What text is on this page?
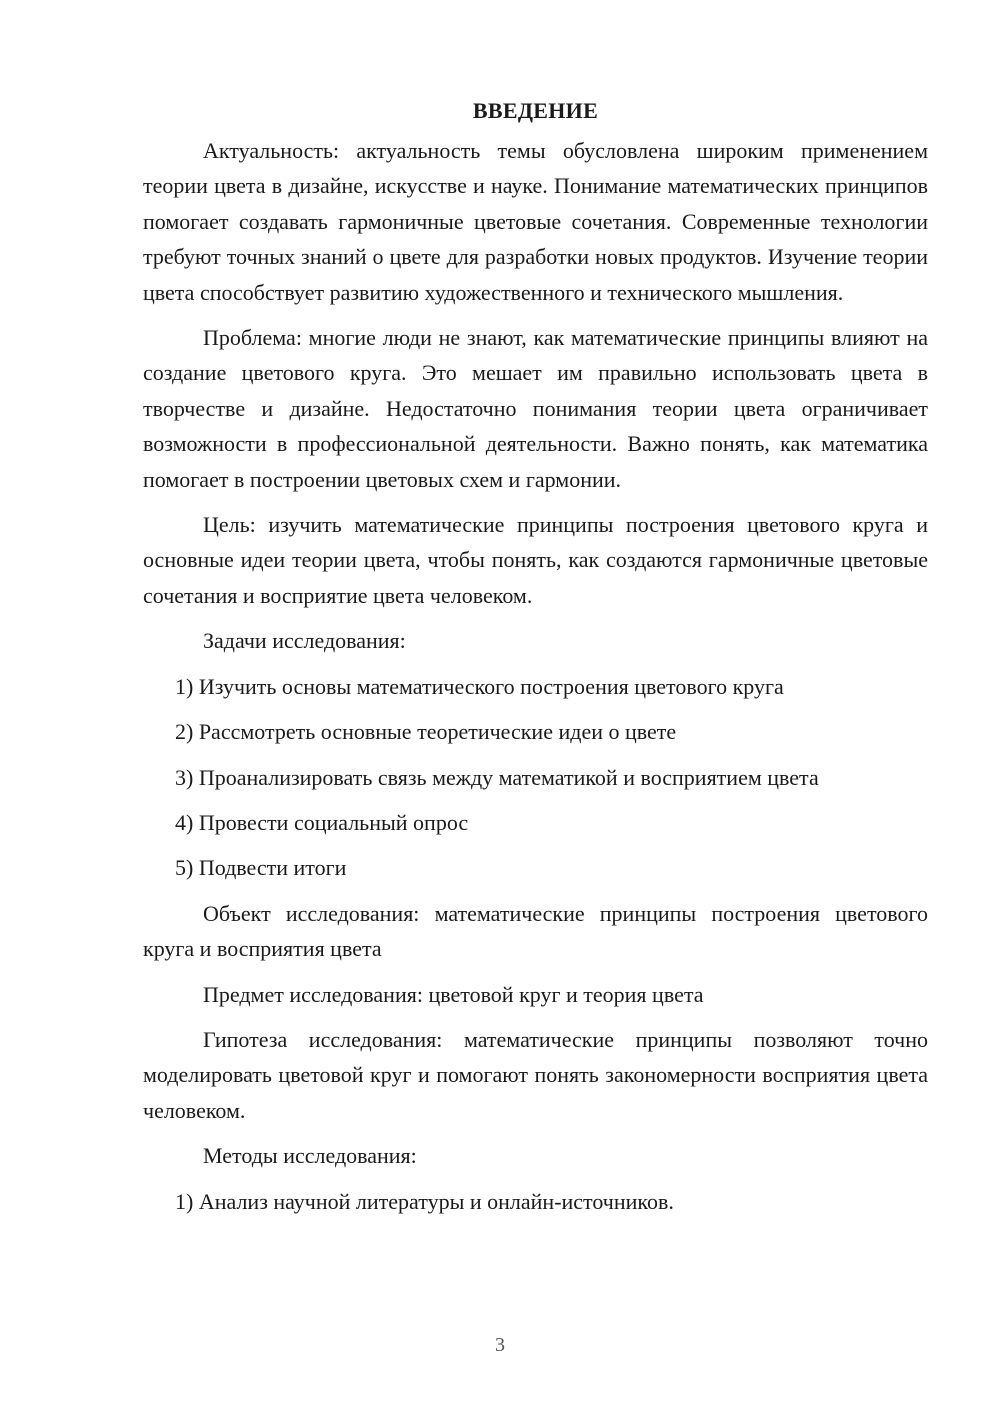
ВВЕДЕНИЕ

Актуальность: актуальность темы обусловлена широким применением теории цвета в дизайне, искусстве и науке. Понимание математических принципов помогает создавать гармоничные цветовые сочетания. Современные технологии требуют точных знаний о цвете для разработки новых продуктов. Изучение теории цвета способствует развитию художественного и технического мышления.

Проблема: многие люди не знают, как математические принципы влияют на создание цветового круга. Это мешает им правильно использовать цвета в творчестве и дизайне. Недостаточно понимания теории цвета ограничивает возможности в профессиональной деятельности. Важно понять, как математика помогает в построении цветовых схем и гармонии.

Цель: изучить математические принципы построения цветового круга и основные идеи теории цвета, чтобы понять, как создаются гармоничные цветовые сочетания и восприятие цвета человеком.

Задачи исследования:

1) Изучить основы математического построения цветового круга

2) Рассмотреть основные теоретические идеи о цвете

3) Проанализировать связь между математикой и восприятием цвета

4) Провести социальный опрос

5) Подвести итоги

Объект исследования: математические принципы построения цветового круга и восприятия цвета

Предмет исследования: цветовой круг и теория цвета

Гипотеза исследования: математические принципы позволяют точно моделировать цветовой круг и помогают понять закономерности восприятия цвета человеком.

Методы исследования:

1) Анализ научной литературы и онлайн-источников.

3
